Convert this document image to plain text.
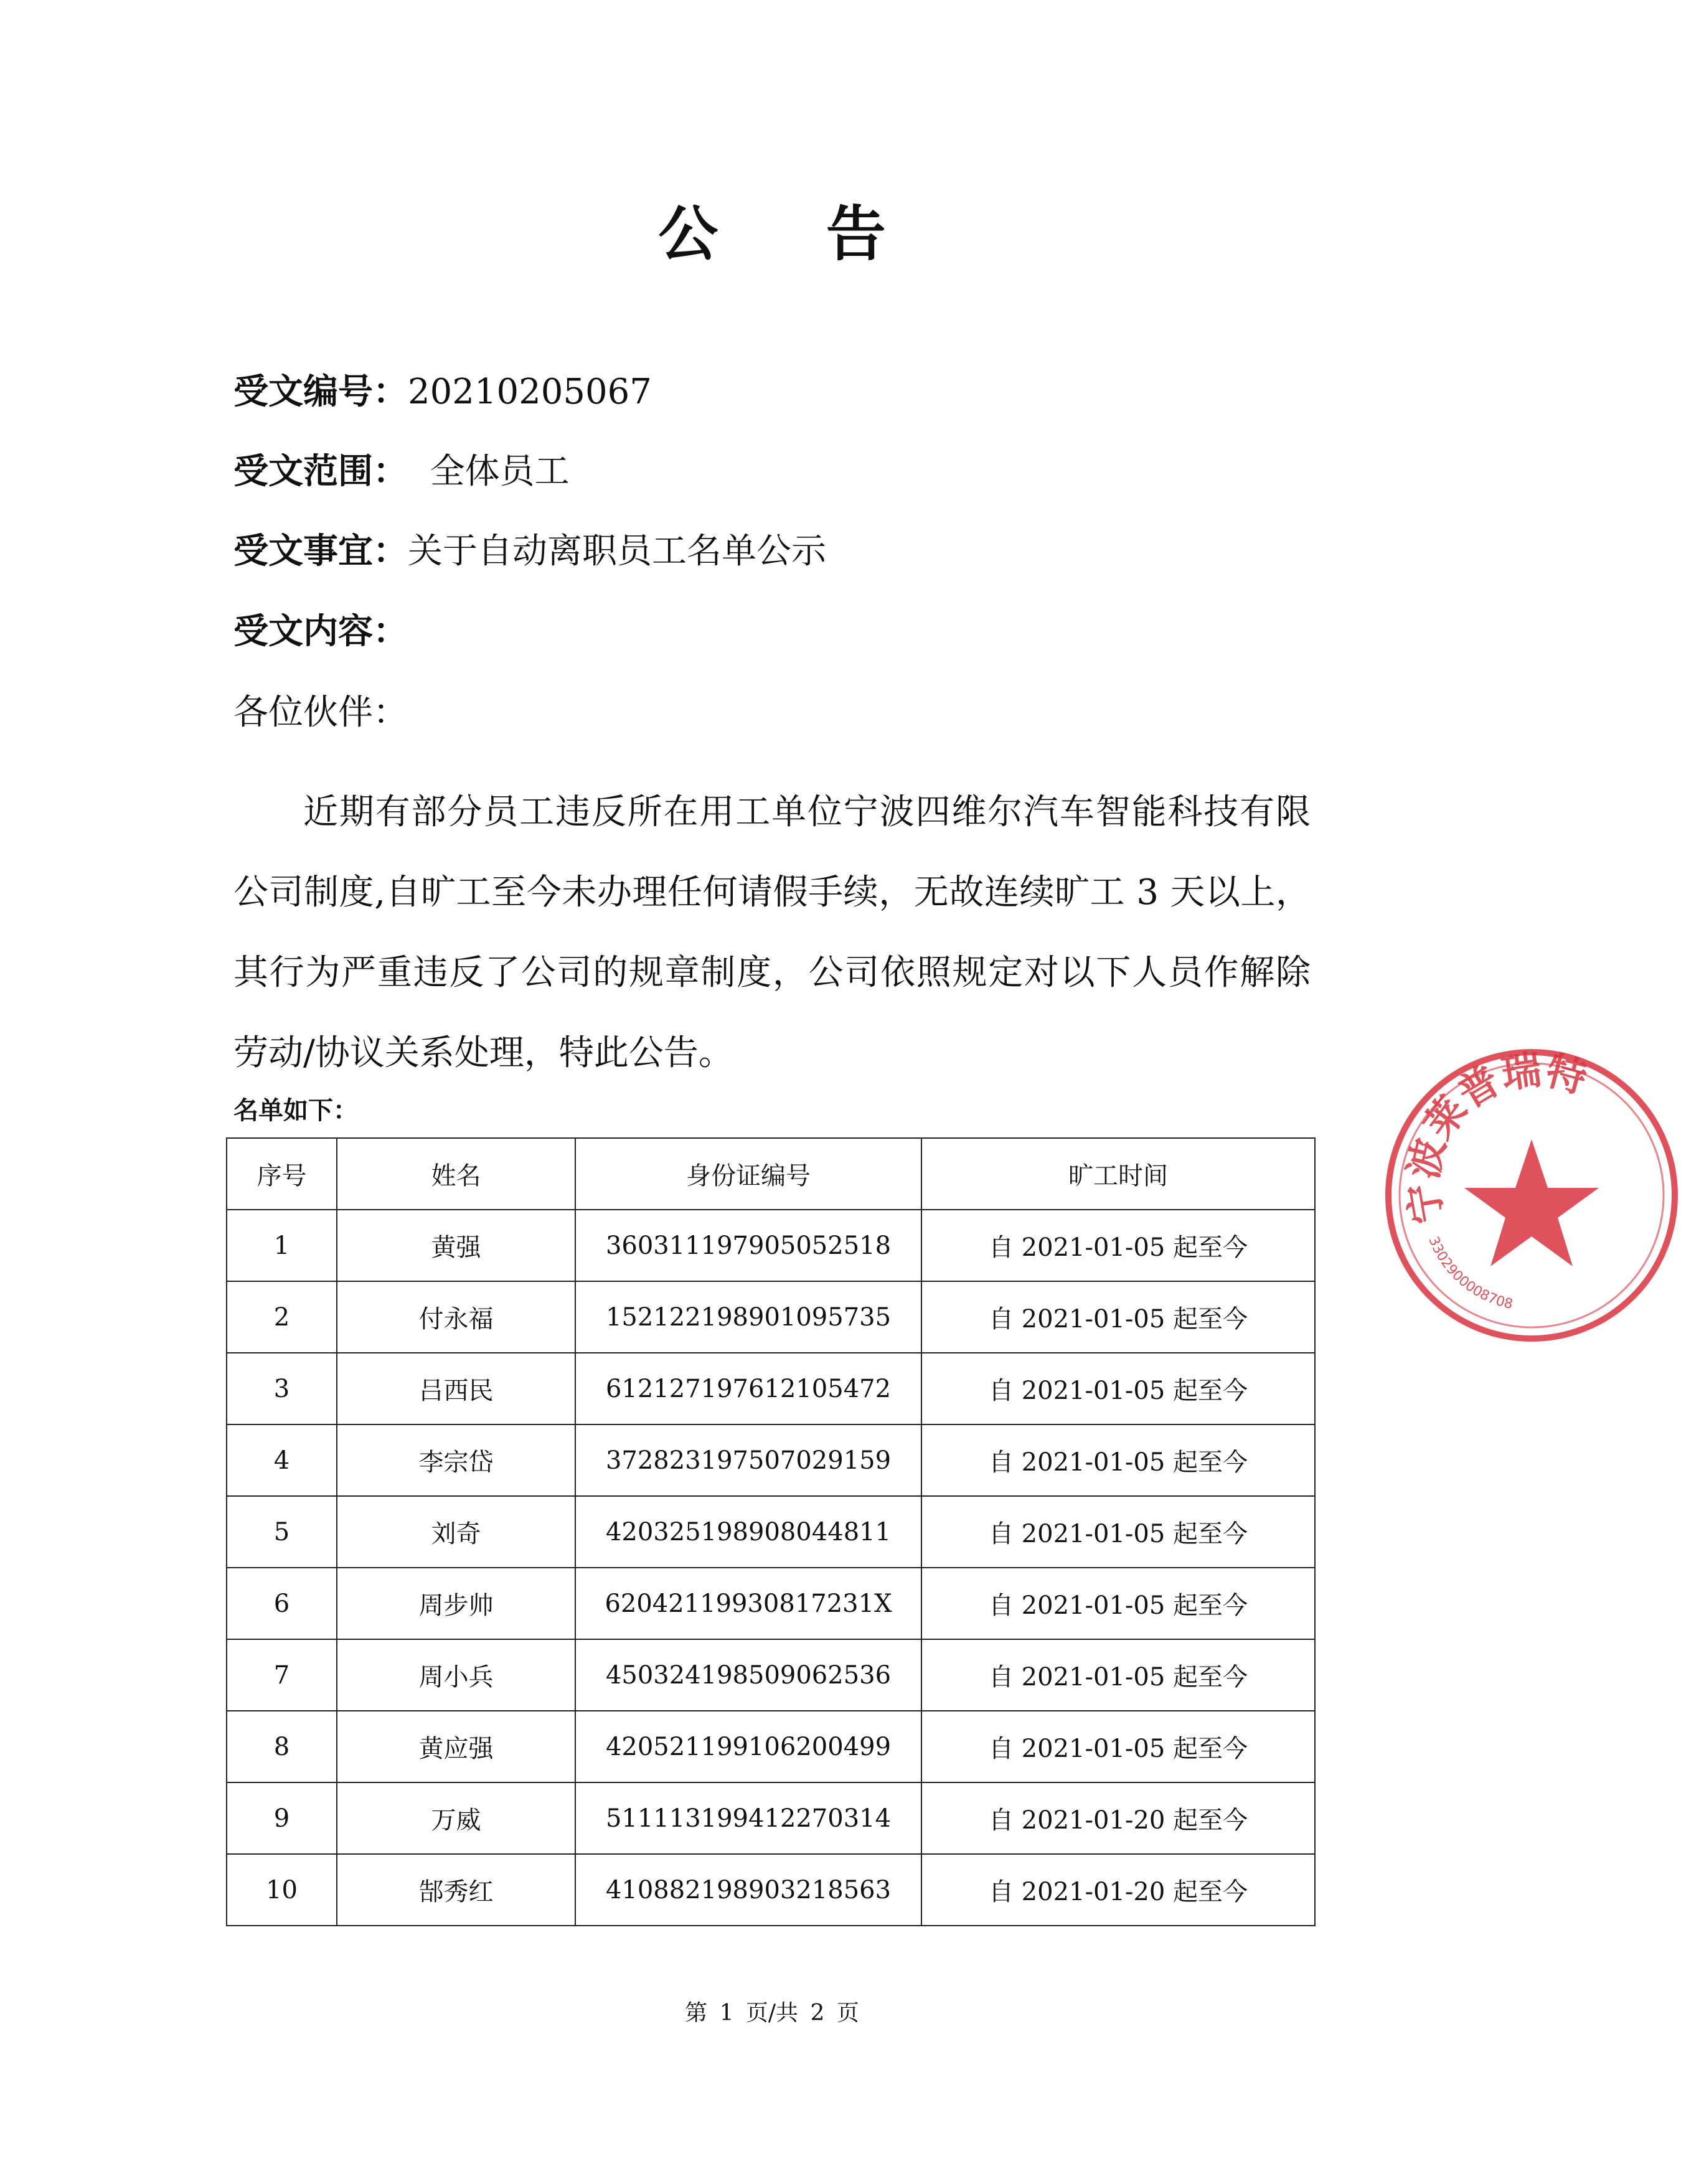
公 告
受文编号：20210205067
受文范围：  全体员工
受文事宜：关于自动离职员工名单公示
受文内容：
各位伙伴：
近期有部分员工违反所在用工单位宁波四维尔汽车智能科技有限公司制度,自旷工至今未办理任何请假手续，无故连续旷工 3 天以上，其行为严重违反了公司的规章制度，公司依照规定对以下人员作解除劳动/协议关系处理，特此公告。
名单如下：
序号	姓名	身份证编号	旷工时间
1	黄强	360311197905052518	自 2021-01-05 起至今
2	付永福	152122198901095735	自 2021-01-05 起至今
3	吕西民	612127197612105472	自 2021-01-05 起至今
4	李宗岱	372823197507029159	自 2021-01-05 起至今
5	刘奇	420325198908044811	自 2021-01-05 起至今
6	周步帅	62042119930817231X	自 2021-01-05 起至今
7	周小兵	450324198509062536	自 2021-01-05 起至今
8	黄应强	420521199106200499	自 2021-01-05 起至今
9	万威	511113199412270314	自 2021-01-20 起至今
10	郜秀红	410882198903218563	自 2021-01-20 起至今
第 1 页/共 2 页
宁波莱普瑞特
3302900008708
